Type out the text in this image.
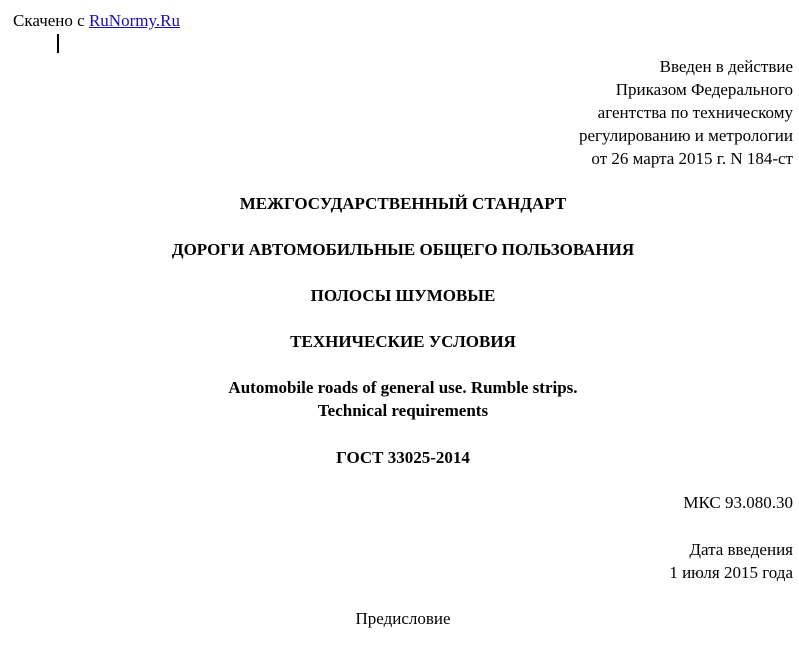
Скачено с RuNormy.Ru
Введен в действие
Приказом Федерального
агентства по техническому
регулированию и метрологии
от 26 марта 2015 г. N 184-ст
МЕЖГОСУДАРСТВЕННЫЙ СТАНДАРТ
ДОРОГИ АВТОМОБИЛЬНЫЕ ОБЩЕГО ПОЛЬЗОВАНИЯ
ПОЛОСЫ ШУМОВЫЕ
ТЕХНИЧЕСКИЕ УСЛОВИЯ
Automobile roads of general use. Rumble strips.
Technical requirements
ГОСТ 33025-2014
МКС 93.080.30
Дата введения
1 июля 2015 года
Предисловие
